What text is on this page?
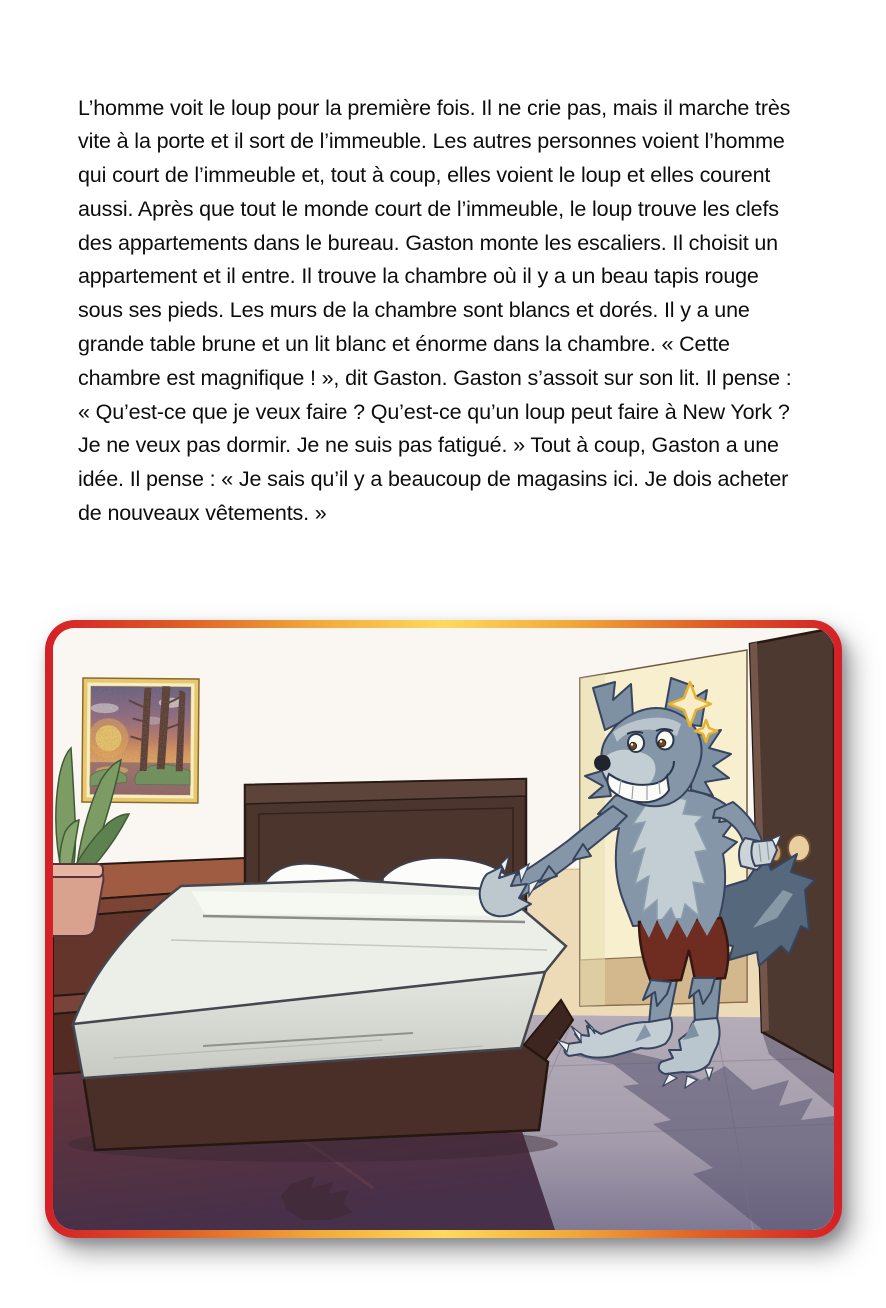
L’homme voit le loup pour la première fois. Il ne crie pas, mais il marche très vite à la porte et il sort de l’immeuble. Les autres personnes voient l’homme qui court de l’immeuble et, tout à coup, elles voient le loup et elles courent aussi. Après que tout le monde court de l’immeuble, le loup trouve les clefs des appartements dans le bureau. Gaston monte les escaliers. Il choisit un appartement et il entre. Il trouve la chambre où il y a un beau tapis rouge sous ses pieds. Les murs de la chambre sont blancs et dorés. Il y a une grande table brune et un lit blanc et énorme dans la chambre. « Cette chambre est magnifique ! », dit Gaston. Gaston s’assoit sur son lit. Il pense : « Qu’est-ce que je veux faire ? Qu’est-ce qu’un loup peut faire à New York ? Je ne veux pas dormir. Je ne suis pas fatigué. » Tout à coup, Gaston a une idée. Il pense : « Je sais qu’il y a beaucoup de magasins ici. Je dois acheter de nouveaux vêtements. »
